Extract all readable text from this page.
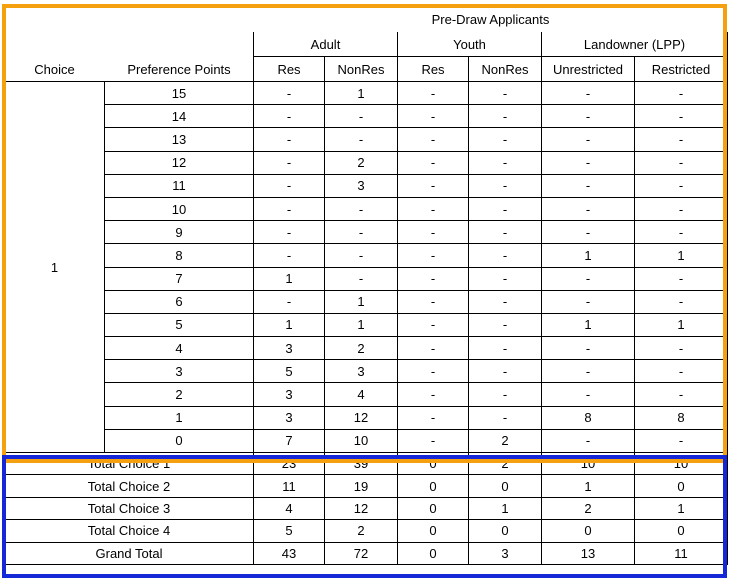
		Pre-Draw Applicants					
		Adult		Youth		Landowner (LPP)	
Choice	Preference Points	Res	NonRes	Res	NonRes	Unrestricted	Restricted
1	15	-	1	-	-	-	-
	14	-	-	-	-	-	-
	13	-	-	-	-	-	-
	12	-	2	-	-	-	-
	11	-	3	-	-	-	-
	10	-	-	-	-	-	-
	9	-	-	-	-	-	-
	8	-	-	-	-	1	1
	7	1	-	-	-	-	-
	6	-	1	-	-	-	-
	5	1	1	-	-	1	1
	4	3	2	-	-	-	-
	3	5	3	-	-	-	-
	2	3	4	-	-	-	-
	1	3	12	-	-	8	8
	0	7	10	-	2	-	-
Total Choice 1		23	39	0	2	10	10
Total Choice 2		11	19	0	0	1	0
Total Choice 3		4	12	0	1	2	1
Total Choice 4		5	2	0	0	0	0
Grand Total		43	72	0	3	13	11
